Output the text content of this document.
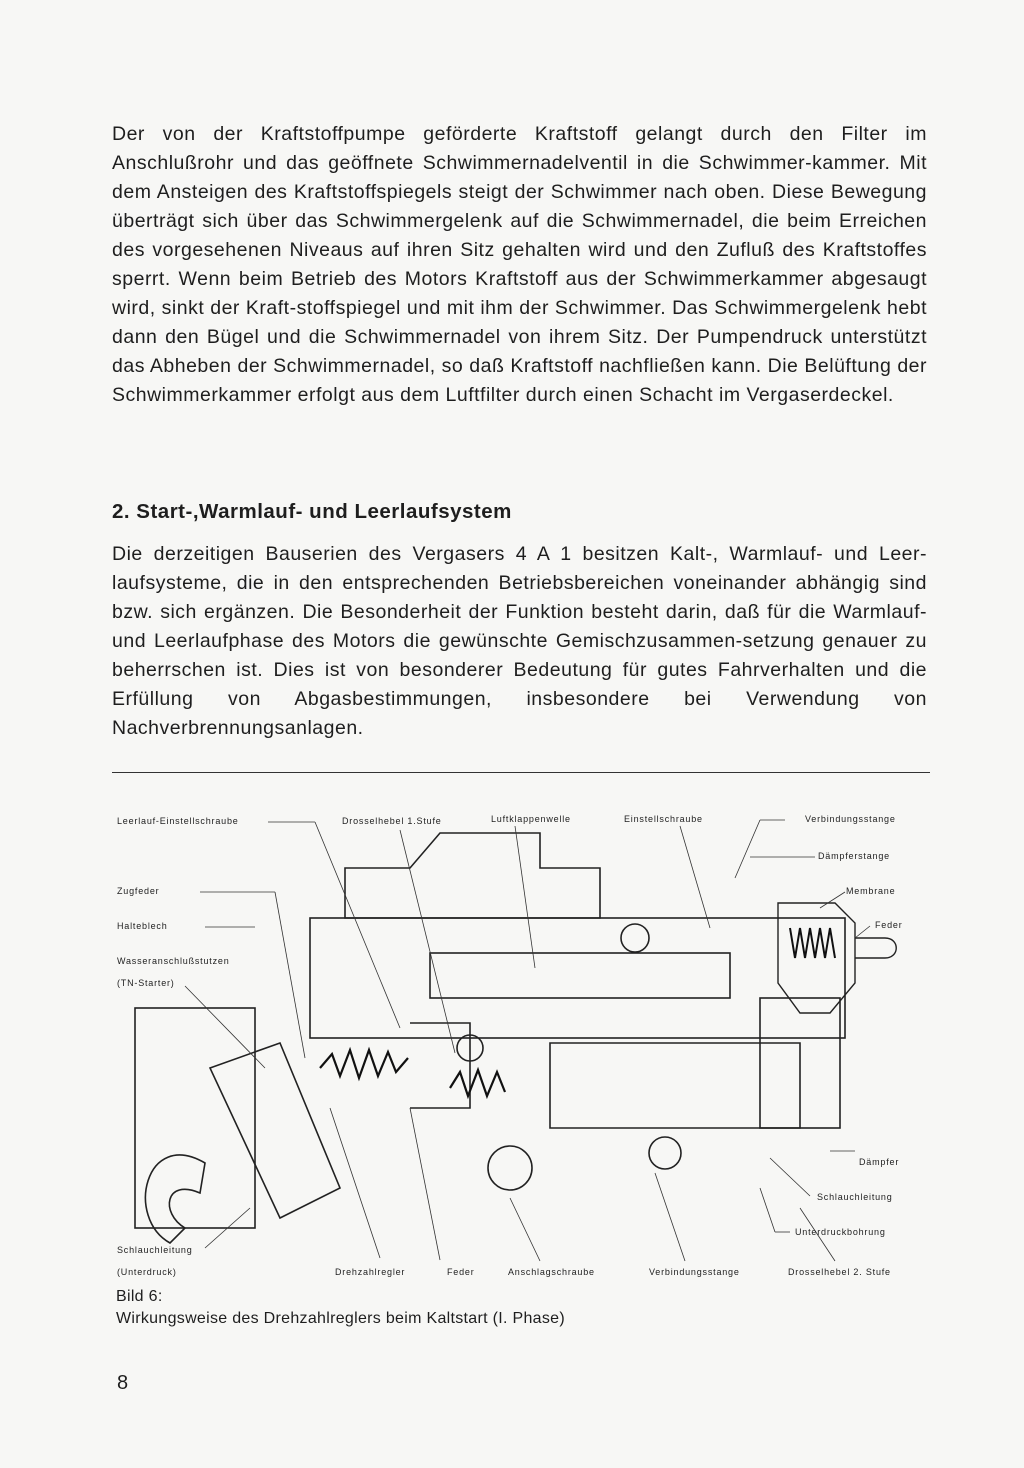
Der von der Kraftstoffpumpe geförderte Kraftstoff gelangt durch den Filter im Anschlußrohr und das geöffnete Schwimmernadelventil in die Schwimmer-kammer. Mit dem Ansteigen des Kraftstoffspiegels steigt der Schwimmer nach oben. Diese Bewegung überträgt sich über das Schwimmergelenk auf die Schwimmernadel, die beim Erreichen des vorgesehenen Niveaus auf ihren Sitz gehalten wird und den Zufluß des Kraftstoffes sperrt. Wenn beim Betrieb des Motors Kraftstoff aus der Schwimmerkammer abgesaugt wird, sinkt der Kraft-stoffspiegel und mit ihm der Schwimmer. Das Schwimmergelenk hebt dann den Bügel und die Schwimmernadel von ihrem Sitz. Der Pumpendruck unterstützt das Abheben der Schwimmernadel, so daß Kraftstoff nachfließen kann. Die Belüftung der Schwimmerkammer erfolgt aus dem Luftfilter durch einen Schacht im Vergaserdeckel.

2. Start-,Warmlauf- und Leerlaufsystem

Die derzeitigen Bauserien des Vergasers 4 A 1 besitzen Kalt-, Warmlauf- und Leer-laufsysteme, die in den entsprechenden Betriebsbereichen voneinander abhängig sind bzw. sich ergänzen. Die Besonderheit der Funktion besteht darin, daß für die Warmlauf- und Leerlaufphase des Motors die gewünschte Gemischzusammen-setzung genauer zu beherrschen ist. Dies ist von besonderer Bedeutung für gutes Fahrverhalten und die Erfüllung von Abgasbestimmungen, insbesondere bei Verwendung von Nachverbrennungsanlagen.

Leerlauf-Einstellschraube	Drosselhebel 1.Stufe	Luftklappenwelle	Einstellschraube	Verbindungsstange
Dämpferstange
Membrane
Feder
Zugfeder
Halteblech
Wasseranschlußstutzen
(TN-Starter)
Dämpfer
Schlauchleitung
Unterdruckbohrung
Schlauchleitung
(Unterdruck)	Drehzahlregler	Feder	Anschlagschraube	Verbindungsstange	Drosselhebel 2. Stufe

Bild 6:

Wirkungsweise des Drehzahlreglers beim Kaltstart (I. Phase)

8
